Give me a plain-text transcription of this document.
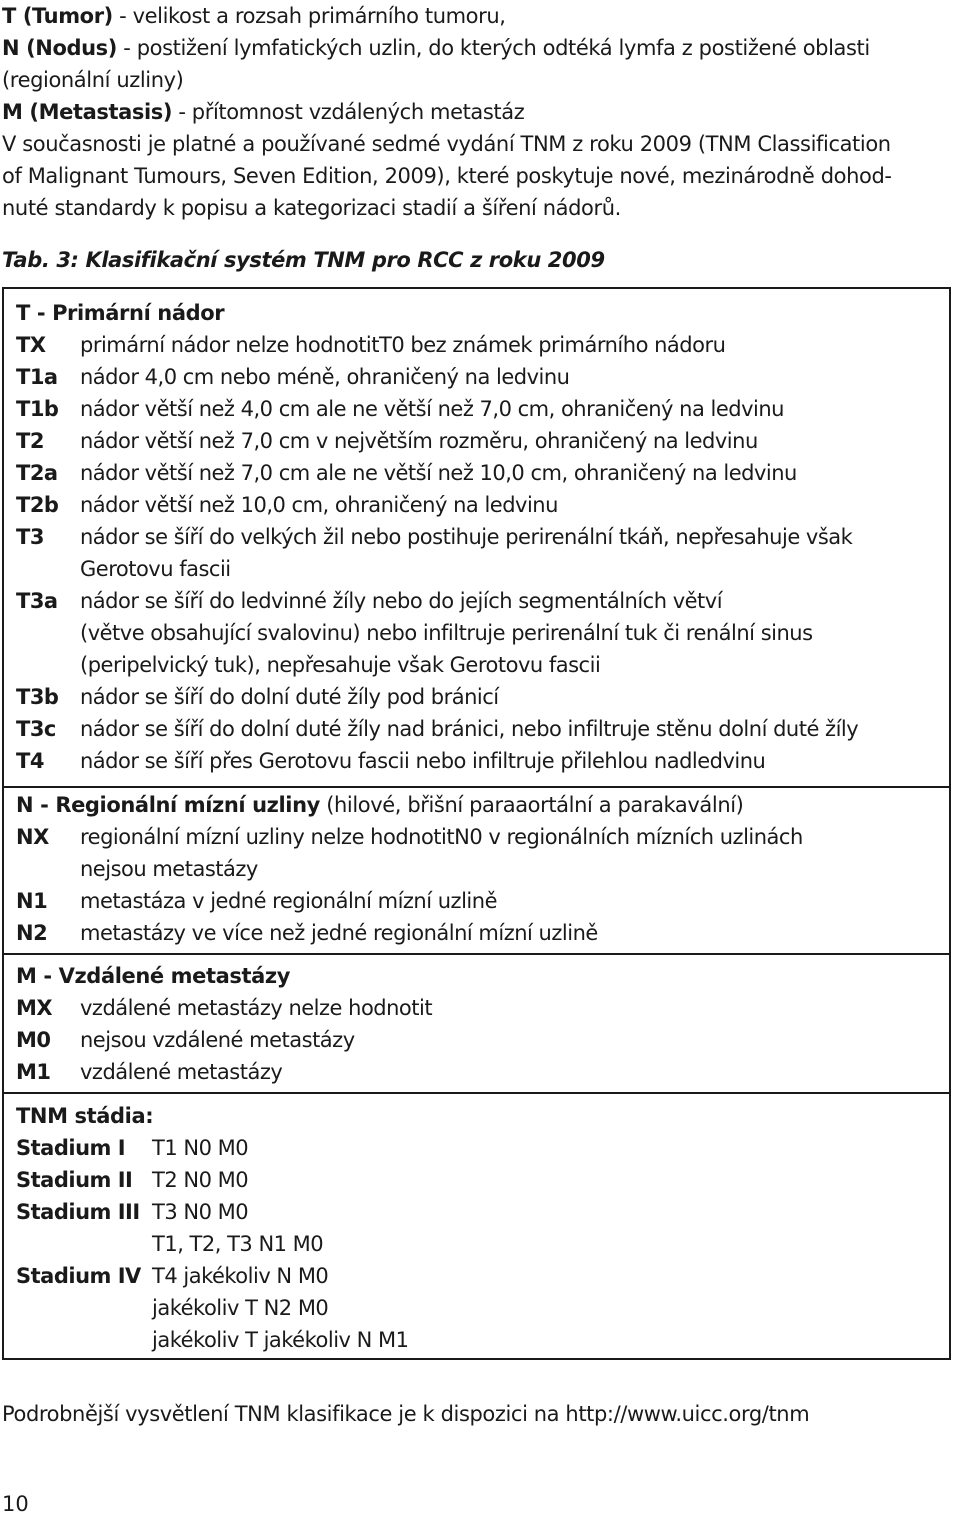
T (Tumor) - velikost a rozsah primárního tumoru,
N (Nodus) - postižení lymfatických uzlin, do kterých odtéká lymfa z postižené oblasti
(regionální uzliny)
M (Metastasis) - přítomnost vzdálených metastáz
V současnosti je platné a používané sedmé vydání TNM z roku 2009 (TNM Classification
of Malignant Tumours, Seven Edition, 2009), které poskytuje nové, mezinárodně dohod-
nuté standardy k popisu a kategorizaci stadií a šíření nádorů.
Tab. 3: Klasifikační systém TNM pro RCC z roku 2009
T - Primární nádor
TX primární nádor nelze hodnotitT0 bez známek primárního nádoru
T1a nádor 4,0 cm nebo méně, ohraničený na ledvinu
T1b nádor větší než 4,0 cm ale ne větší než 7,0 cm, ohraničený na ledvinu
T2 nádor větší než 7,0 cm v největším rozměru, ohraničený na ledvinu
T2a nádor větší než 7,0 cm ale ne větší než 10,0 cm, ohraničený na ledvinu
T2b nádor větší než 10,0 cm, ohraničený na ledvinu
T3 nádor se šíří do velkých žil nebo postihuje perirenální tkáň, nepřesahuje však
Gerotovu fascii
T3a nádor se šíří do ledvinné žíly nebo do jejích segmentálních větví
(větve obsahující svalovinu) nebo infiltruje perirenální tuk či renální sinus
(peripelvický tuk), nepřesahuje však Gerotovu fascii
T3b nádor se šíří do dolní duté žíly pod bránicí
T3c nádor se šíří do dolní duté žíly nad bránici, nebo infiltruje stěnu dolní duté žíly
T4 nádor se šíří přes Gerotovu fascii nebo infiltruje přilehlou nadledvinu
N - Regionální mízní uzliny (hilové, břišní paraaortální a parakavální)
NX regionální mízní uzliny nelze hodnotitN0 v regionálních mízních uzlinách
nejsou metastázy
N1 metastáza v jedné regionální mízní uzlině
N2 metastázy ve více než jedné regionální mízní uzlině
M - Vzdálené metastázy
MX vzdálené metastázy nelze hodnotit
M0 nejsou vzdálené metastázy
M1 vzdálené metastázy
TNM stádia:
Stadium I T1 N0 M0
Stadium II T2 N0 M0
Stadium III T3 N0 M0
T1, T2, T3 N1 M0
Stadium IV T4 jakékoliv N M0
jakékoliv T N2 M0
jakékoliv T jakékoliv N M1
Podrobnější vysvětlení TNM klasifikace je k dispozici na http://www.uicc.org/tnm
10
